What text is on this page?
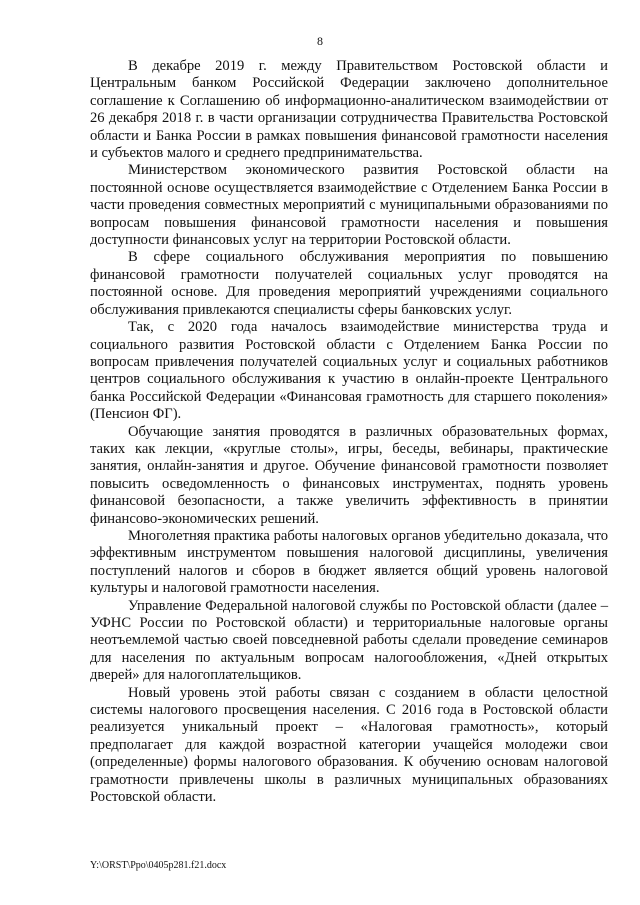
8

В декабре 2019 г. между Правительством Ростовской области и Центральным банком Российской Федерации заключено дополнительное соглашение к Соглашению об информационно-аналитическом взаимодействии от 26 декабря 2018 г. в части организации сотрудничества Правительства Ростовской области и Банка России в рамках повышения финансовой грамотности населения и субъектов малого и среднего предпринимательства.

Министерством экономического развития Ростовской области на постоянной основе осуществляется взаимодействие с Отделением Банка России в части проведения совместных мероприятий с муниципальными образованиями по вопросам повышения финансовой грамотности населения и повышения доступности финансовых услуг на территории Ростовской области.

В сфере социального обслуживания мероприятия по повышению финансовой грамотности получателей социальных услуг проводятся на постоянной основе. Для проведения мероприятий учреждениями социального обслуживания привлекаются специалисты сферы банковских услуг.

Так, с 2020 года началось взаимодействие министерства труда и социального развития Ростовской области с Отделением Банка России по вопросам привлечения получателей социальных услуг и социальных работников центров социального обслуживания к участию в онлайн-проекте Центрального банка Российской Федерации «Финансовая грамотность для старшего поколения» (Пенсион ФГ).

Обучающие занятия проводятся в различных образовательных формах, таких как лекции, «круглые столы», игры, беседы, вебинары, практические занятия, онлайн-занятия и другое. Обучение финансовой грамотности позволяет повысить осведомленность о финансовых инструментах, поднять уровень финансовой безопасности, а также увеличить эффективность в принятии финансово-экономических решений.

Многолетняя практика работы налоговых органов убедительно доказала, что эффективным инструментом повышения налоговой дисциплины, увеличения поступлений налогов и сборов в бюджет является общий уровень налоговой культуры и налоговой грамотности населения.

Управление Федеральной налоговой службы по Ростовской области (далее – УФНС России по Ростовской области) и территориальные налоговые органы неотъемлемой частью своей повседневной работы сделали проведение семинаров для населения по актуальным вопросам налогообложения, «Дней открытых дверей» для налогоплательщиков.

Новый уровень этой работы связан с созданием в области целостной системы налогового просвещения населения. С 2016 года в Ростовской области реализуется уникальный проект – «Налоговая грамотность», который предполагает для каждой возрастной категории учащейся молодежи свои (определенные) формы налогового образования. К обучению основам налоговой грамотности привлечены школы в различных муниципальных образованиях Ростовской области.

Y:\ORST\Ppo\0405p281.f21.docx
